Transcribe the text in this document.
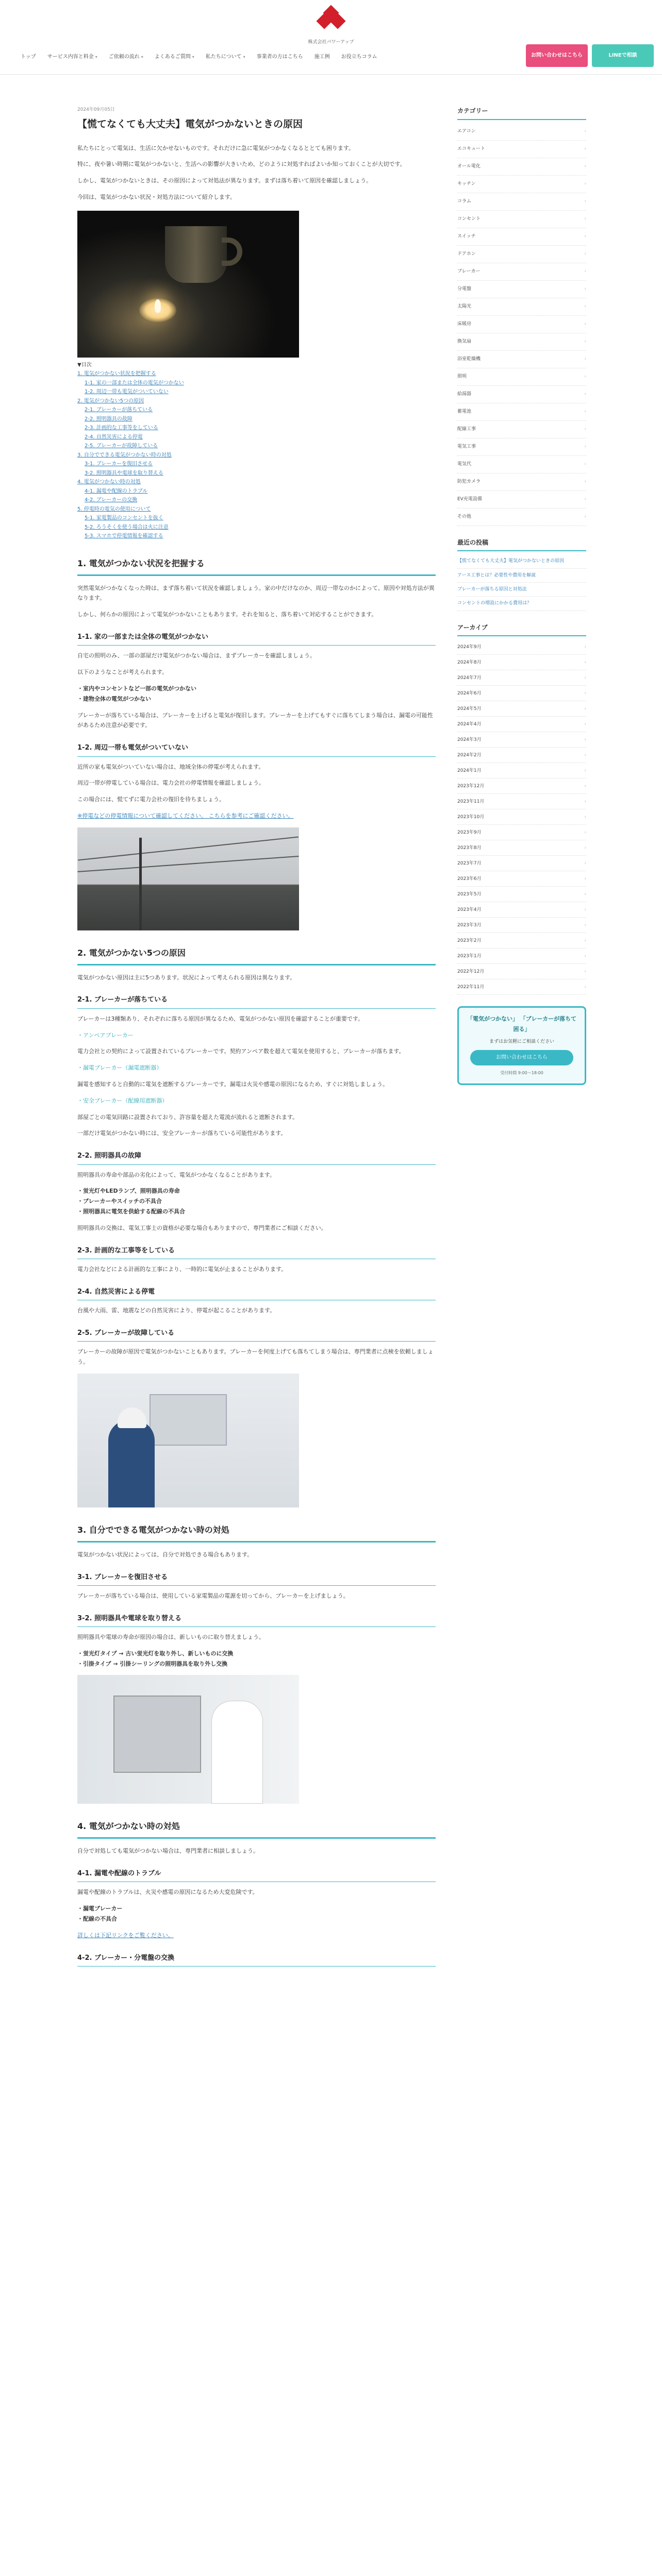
株式会社パワーアップ
トップ サービス内容と料金 ▾ ご依頼の流れ ▾ よくあるご質問 ▾ 私たちについて ▾ 事業者の方はこちら 施工例 お役立ちコラム	お問い合わせはこちら	LINEで相談
2024年09月05日
【慌てなくても大丈夫】電気がつかないときの原因

私たちにとって電気は、生活に欠かせないものです。それだけに急に電気がつかなくなるととても困ります。

特に、夜や暑い時期に電気がつかないと、生活への影響が大きいため、どのように対処すればよいか知っておくことが大切です。

しかし、電気がつかないときは、その原因によって対処法が異なります。まずは落ち着いて原因を確認しましょう。

今回は、電気がつかない状況・対処方法について紹介します。

▼目次
1. 電気がつかない状況を把握する
1-1. 家の一部または全体の電気がつかない
1-2. 周辺一帯も電気がついていない
2. 電気がつかない5つの原因
2-1. ブレーカーが落ちている
2-2. 照明器具の故障
2-3. 計画的な工事等をしている
2-4. 自然災害による停電
2-5. ブレーカーが故障している
3. 自分でできる電気がつかない時の対処
3-1. ブレーカーを復旧させる
3-2. 照明器具や電球を取り替える
4. 電気がつかない時の対処
4-1. 漏電や配線のトラブル
4-2. ブレーカーの交換
5. 停電時の電気の使用について
5-1. 家電製品のコンセントを抜く
5-2. ろうそくを使う場合は火に注意
5-3. スマホで停電情報を確認する
1. 電気がつかない状況を把握する

突然電気がつかなくなった時は、まず落ち着いて状況を確認しましょう。家の中だけなのか、周辺一帯なのかによって、原因や対処方法が異なります。

しかし、何らかの原因によって電気がつかないこともあります。それを知ると、落ち着いて対応することができます。

1-1. 家の一部または全体の電気がつかない

自宅の照明のみ、一部の部屋だけ電気がつかない場合は、まずブレーカーを確認しましょう。

以下のようなことが考えられます。

・室内やコンセントなど一部の電気がつかない
・建物全体の電気がつかない

ブレーカーが落ちている場合は、ブレーカーを上げると電気が復旧します。ブレーカーを上げてもすぐに落ちてしまう場合は、漏電の可能性があるため注意が必要です。

1-2. 周辺一帯も電気がついていない

近所の家も電気がついていない場合は、地域全体の停電が考えられます。

周辺一帯が停電している場合は、電力会社の停電情報を確認しましょう。

この場合には、慌てずに電力会社の復旧を待ちましょう。

※停電などの停電情報について確認してください。 こちらを参考にご確認ください。

2. 電気がつかない5つの原因

電気がつかない原因は主に5つあります。状況によって考えられる原因は異なります。

2-1. ブレーカーが落ちている

ブレーカーは3種類あり、それぞれに落ちる原因が異なるため、電気がつかない原因を確認することが重要です。

・アンペアブレーカー

電力会社との契約によって設置されているブレーカーです。契約アンペア数を超えて電気を使用すると、ブレーカーが落ちます。

・漏電ブレーカー（漏電遮断器）

漏電を感知すると自動的に電気を遮断するブレーカーです。漏電は火災や感電の原因になるため、すぐに対処しましょう。

・安全ブレーカー（配線用遮断器）

部屋ごとの電気回路に設置されており、許容量を超えた電流が流れると遮断されます。

一部だけ電気がつかない時には、安全ブレーカーが落ちている可能性があります。

2-2. 照明器具の故障

照明器具の寿命や部品の劣化によって、電気がつかなくなることがあります。

・蛍光灯やLEDランプ、照明器具の寿命
・ブレーカーやスイッチの不具合
・照明器具に電気を供給する配線の不具合

照明器具の交換は、電気工事士の資格が必要な場合もありますので、専門業者にご相談ください。

2-3. 計画的な工事等をしている

電力会社などによる計画的な工事により、一時的に電気が止まることがあります。

2-4. 自然災害による停電

台風や大雨、雷、地震などの自然災害により、停電が起こることがあります。

2-5. ブレーカーが故障している

ブレーカーの故障が原因で電気がつかないこともあります。ブレーカーを何度上げても落ちてしまう場合は、専門業者に点検を依頼しましょう。

3. 自分でできる電気がつかない時の対処

電気がつかない状況によっては、自分で対処できる場合もあります。

3-1. ブレーカーを復旧させる

ブレーカーが落ちている場合は、使用している家電製品の電源を切ってから、ブレーカーを上げましょう。

3-2. 照明器具や電球を取り替える

照明器具や電球の寿命が原因の場合は、新しいものに取り替えましょう。

・蛍光灯タイプ → 古い蛍光灯を取り外し、新しいものに交換
・引掛タイプ → 引掛シーリングの照明器具を取り外し交換
4. 電気がつかない時の対処

自分で対処しても電気がつかない場合は、専門業者に相談しましょう。

4-1. 漏電や配線のトラブル

漏電や配線のトラブルは、火災や感電の原因になるため大変危険です。

・漏電ブレーカー
・配線の不具合

詳しくは下記リンクをご覧ください。

4-2. ブレーカー・分電盤の交換
カテゴリー
エアコン	›
エコキュート	›
オール電化	›
キッチン	›
コラム	›
コンセント	›
スイッチ	›
ドアホン	›
ブレーカー	›
分電盤	›
太陽光	›
床暖房	›
換気扇	›
浴室乾燥機	›
照明	›
給湯器	›
蓄電池	›
配線工事	›
電気工事	›
電気代	›
防犯カメラ	›
EV充電設備	›
その他	›
最近の投稿
【慌てなくても大丈夫】電気がつかないときの原因
アース工事とは？必要性や費用を解説
ブレーカーが落ちる原因と対処法
コンセントの増設にかかる費用は？
アーカイブ
2024年9月	›
2024年8月	›
2024年7月	›
2024年6月	›
2024年5月	›
2024年4月	›
2024年3月	›
2024年2月	›
2024年1月	›
2023年12月	›
2023年11月	›
2023年10月	›
2023年9月	›
2023年8月	›
2023年7月	›
2023年6月	›
2023年5月	›
2023年4月	›
2023年3月	›
2023年2月	›
2023年1月	›
2022年12月	›
2022年11月	›
「電気がつかない」 「ブレーカーが落ちて困る」
まずはお気軽にご相談ください
お問い合わせはこちら
受付時間 9:00〜18:00
